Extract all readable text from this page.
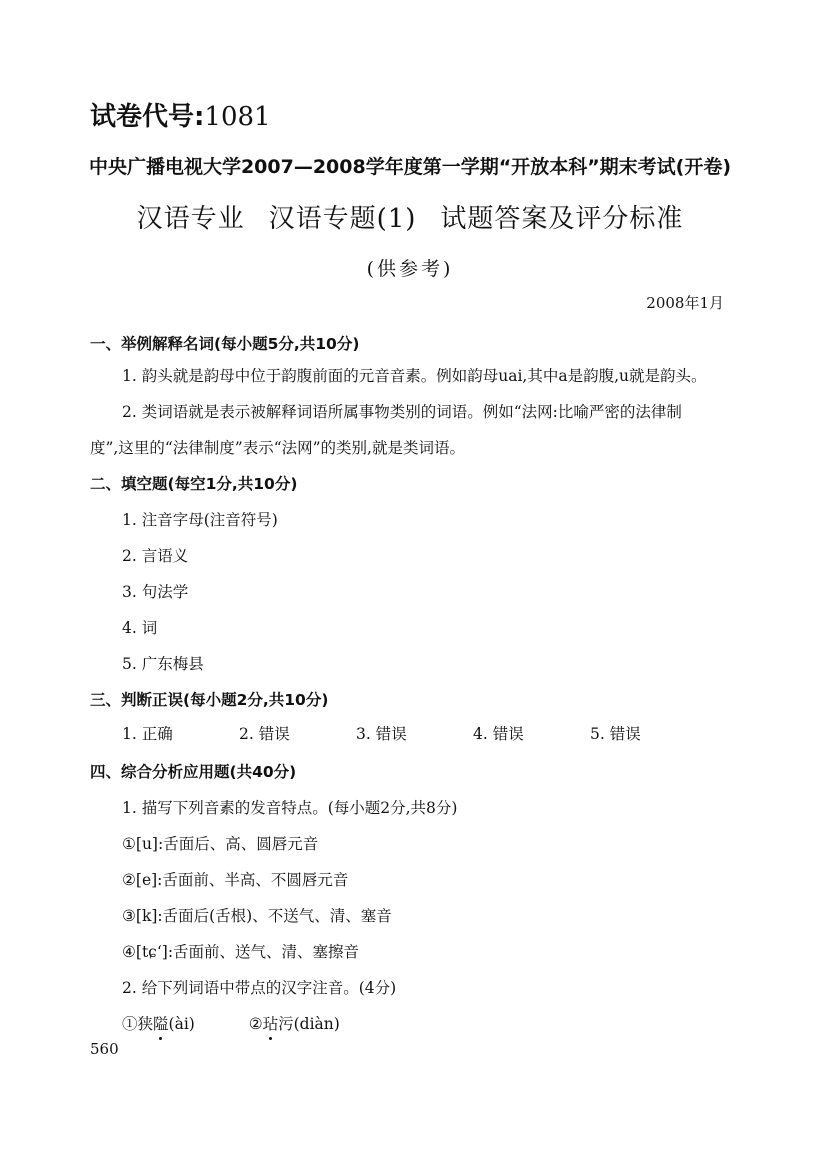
试卷代号:1081
中央广播电视大学2007—2008学年度第一学期“开放本科”期末考试(开卷)
汉语专业 汉语专题(1) 试题答案及评分标准
(供参考)
2008年1月
一、举例解释名词(每小题5分,共10分)
1. 韵头就是韵母中位于韵腹前面的元音音素。例如韵母uai,其中a是韵腹,u就是韵头。
2. 类词语就是表示被解释词语所属事物类别的词语。例如“法网:比喻严密的法律制
度”,这里的“法律制度”表示“法网”的类别,就是类词语。
二、填空题(每空1分,共10分)
1. 注音字母(注音符号)
2. 言语义
3. 句法学
4. 词
5. 广东梅县
三、判断正误(每小题2分,共10分)
1. 正确	2. 错误	3. 错误	4. 错误	5. 错误
四、综合分析应用题(共40分)
1. 描写下列音素的发音特点。(每小题2分,共8分)
①[u]:舌面后、高、圆唇元音
②[e]:舌面前、半高、不圆唇元音
③[k]:舌面后(舌根)、不送气、清、塞音
④[tɕʻ]:舌面前、送气、清、塞擦音
2. 给下列词语中带点的汉字注音。(4分)
①狭隘
(ài)	②玷
污(diàn)
560
